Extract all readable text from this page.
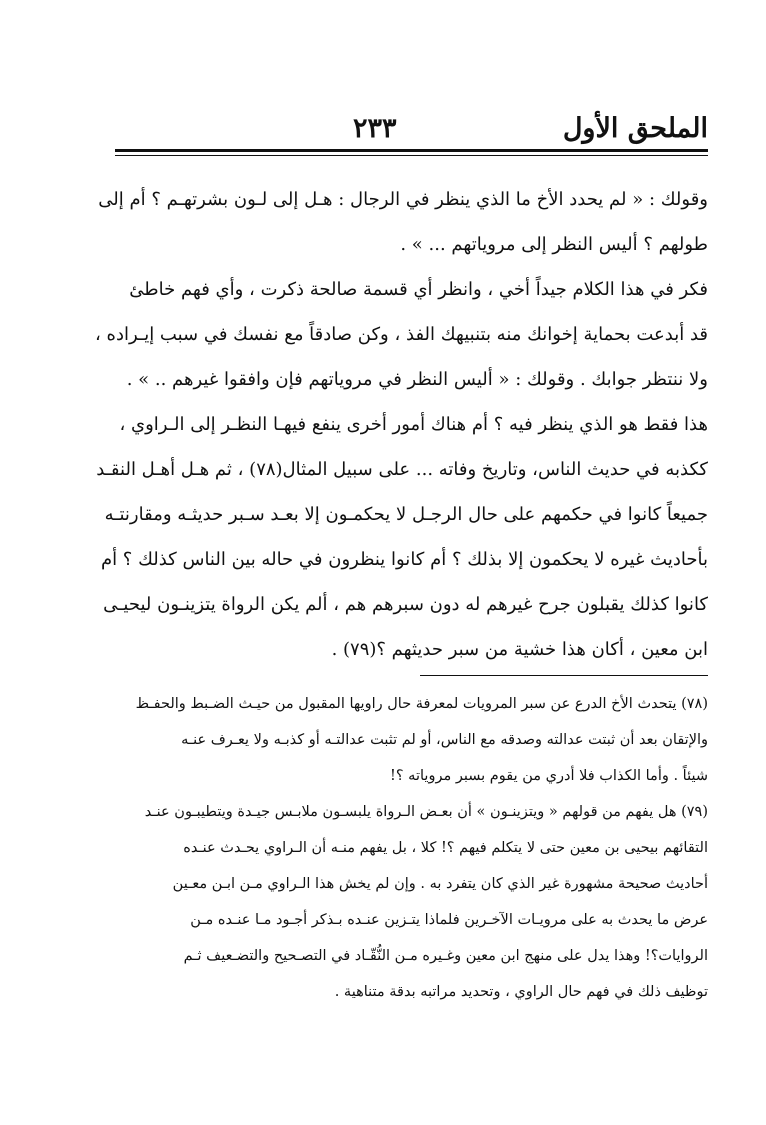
الملحق الأول
٢٣٣
وقولك : « لم يحدد الأخ ما الذي ينظر في الرجال : هـل إلى لـون بشرتهـم ؟ أم إلى
طولهم ؟ أليس النظر إلى مروياتهم ... » .
فكر في هذا الكلام جيداً أخي ، وانظر أي قسمة صالحة ذكرت ، وأي فهم خاطئ
قد أبدعت بحماية إخوانك منه بتنبيهك الفذ ، وكن صادقاً مع نفسك في سبب إيـراده ،
ولا ننتظر جوابك . وقولك : « أليس النظر في مروياتهم فإن وافقوا غيرهم .. » .
هذا فقط هو الذي ينظر فيه ؟ أم هناك أمور أخرى ينفع فيهـا النظـر إلى الـراوي ،
ككذبه في حديث الناس، وتاريخ وفاته ... على سبيل المثال(٧٨) ، ثم هـل أهـل النقـد
جميعاً كانوا في حكمهم على حال الرجـل لا يحكمـون إلا بعـد سـبر حديثـه ومقارنتـه
بأحاديث غيره لا يحكمون إلا بذلك ؟ أم كانوا ينظرون في حاله بين الناس كذلك ؟ أم
كانوا كذلك يقبلون جرح غيرهم له دون سبرهم هم ، ألم يكن الرواة يتزينـون ليحيـى
ابن معين ، أكان هذا خشية من سبر حديثهم ؟(٧٩) .
(٧٨) يتحدث الأخ الدرع عن سبر المرويات لمعرفة حال راويها المقبول من حيـث الضـبط والحفـظ
والإتقان بعد أن ثبتت عدالته وصدقه مع الناس، أو لم تثبت عدالتـه أو كذبـه ولا يعـرف عنـه
شيئاً . وأما الكذاب فلا أدري من يقوم بسبر مروياته ؟!
(٧٩) هل يفهم من قولهم « ويتزينـون » أن بعـض الـرواة يلبسـون ملابـس جيـدة ويتطيبـون عنـد
التقائهم بيحيى بن معين حتى لا يتكلم فيهم ؟! كلا ، بل يفهم منـه أن الـراوي يحـدث عنـده
أحاديث صحيحة مشهورة غير الذي كان يتفرد به . وإن لم يخش هذا الـراوي مـن ابـن معـين
عرض ما يحدث به على مرويـات الآخـرين فلماذا يتـزين عنـده بـذكر أجـود مـا عنـده مـن
الروايات؟! وهذا يدل على منهج ابن معين وغـيره مـن النُّقّـاد في التصـحيح والتضـعيف ثـم
توظيف ذلك في فهم حال الراوي ، وتحديد مراتبه بدقة متناهية .
